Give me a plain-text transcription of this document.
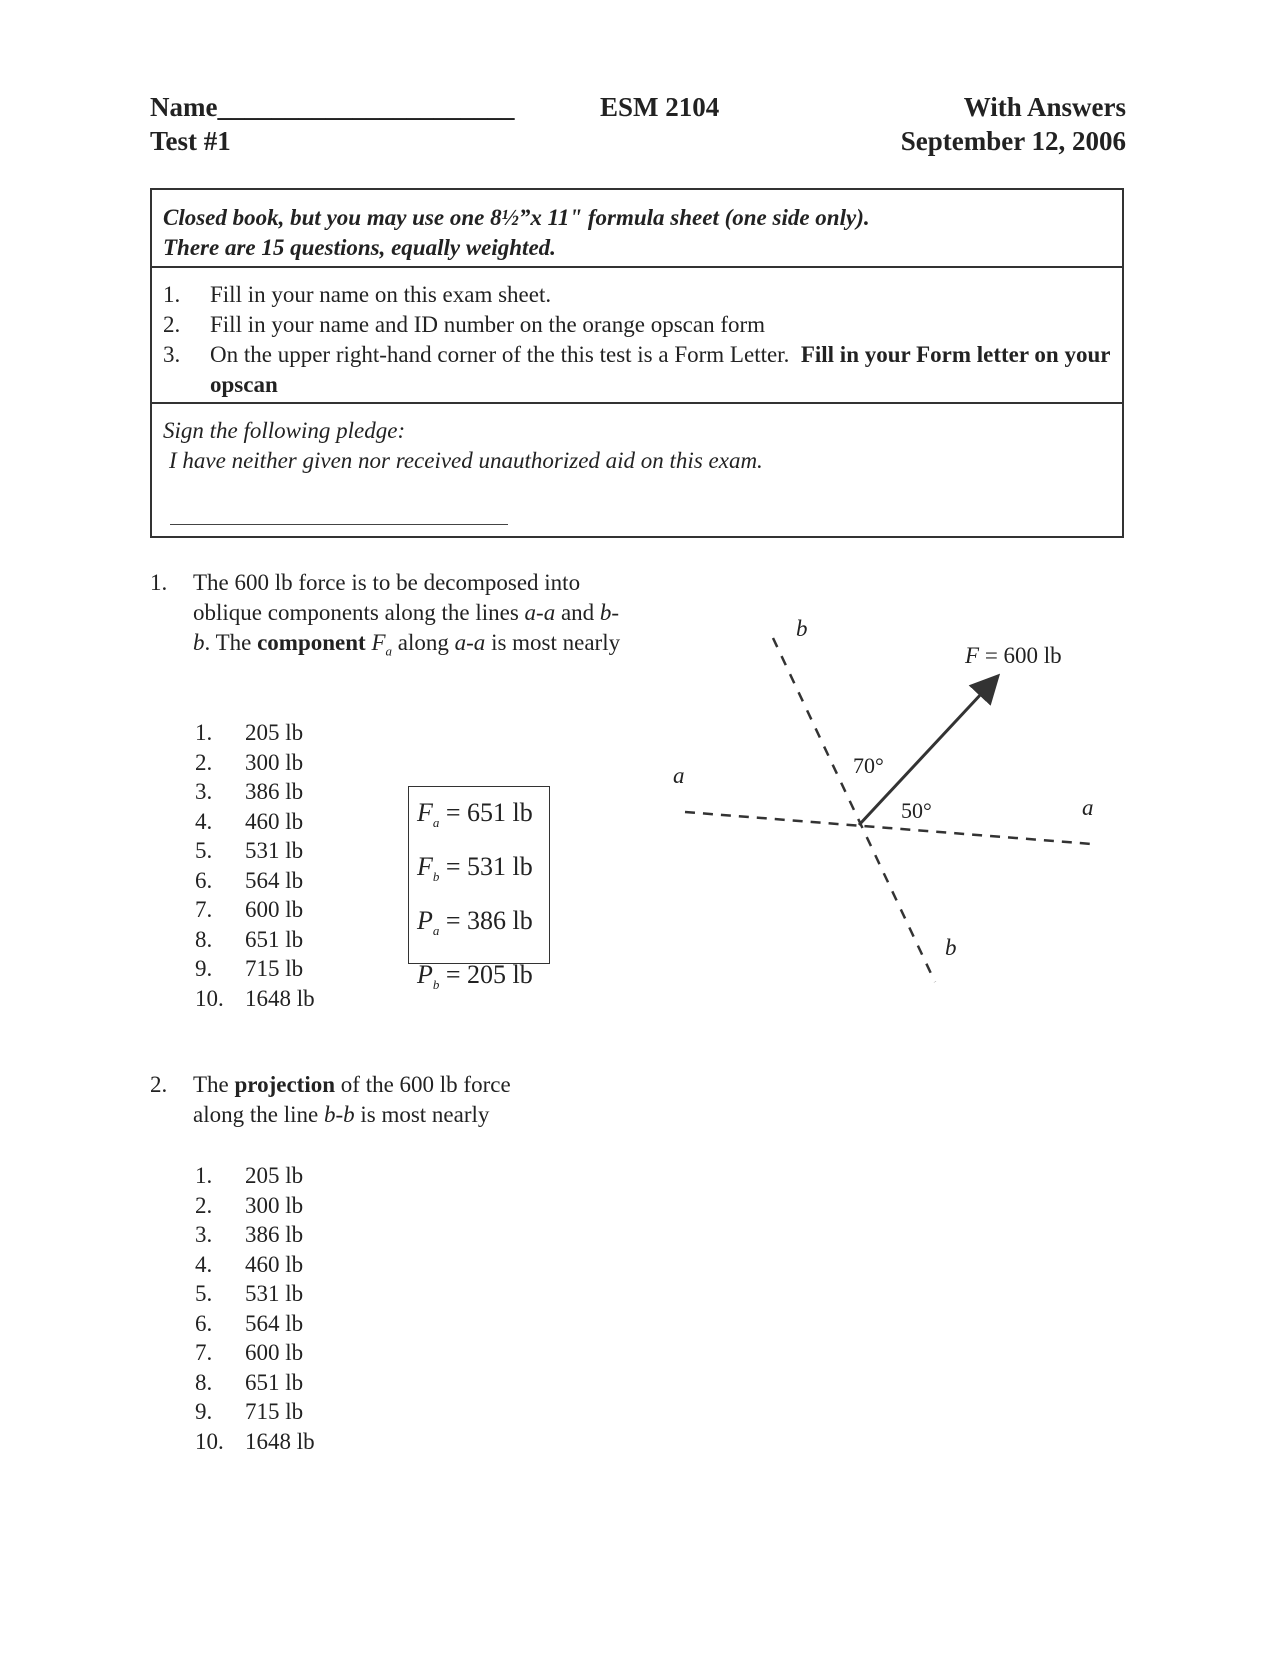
Name______________________
Test #1
ESM 2104	With Answers
September 12, 2006
Closed book, but you may use one 8½”x 11" formula sheet (one side only).
There are 15 questions, equally weighted.
1. Fill in your name on this exam sheet.
2. Fill in your name and ID number on the orange opscan form
3. On the upper right-hand corner of the this test is a Form Letter. Fill in your Form letter on your opscan
Sign the following pledge:
I have neither given nor received unauthorized aid on this exam.
1. The 600 lb force is to be decomposed into oblique components along the lines a-a and b-b. The component $F_a$ along a-a is most nearly
1. 205 lb
2. 300 lb
3. 386 lb
4. 460 lb
5. 531 lb
6. 564 lb
7. 600 lb
8. 651 lb
9. 715 lb
10. 1648 lb
$F_a = 651$ lb
$F_b = 531$ lb
$P_a = 386$ lb
$P_b = 205$ lb
F = 600 lb
70°
50°
a
a
b
b
2. The projection of the 600 lb force along the line b-b is most nearly
1. 205 lb
2. 300 lb
3. 386 lb
4. 460 lb
5. 531 lb
6. 564 lb
7. 600 lb
8. 651 lb
9. 715 lb
10. 1648 lb
